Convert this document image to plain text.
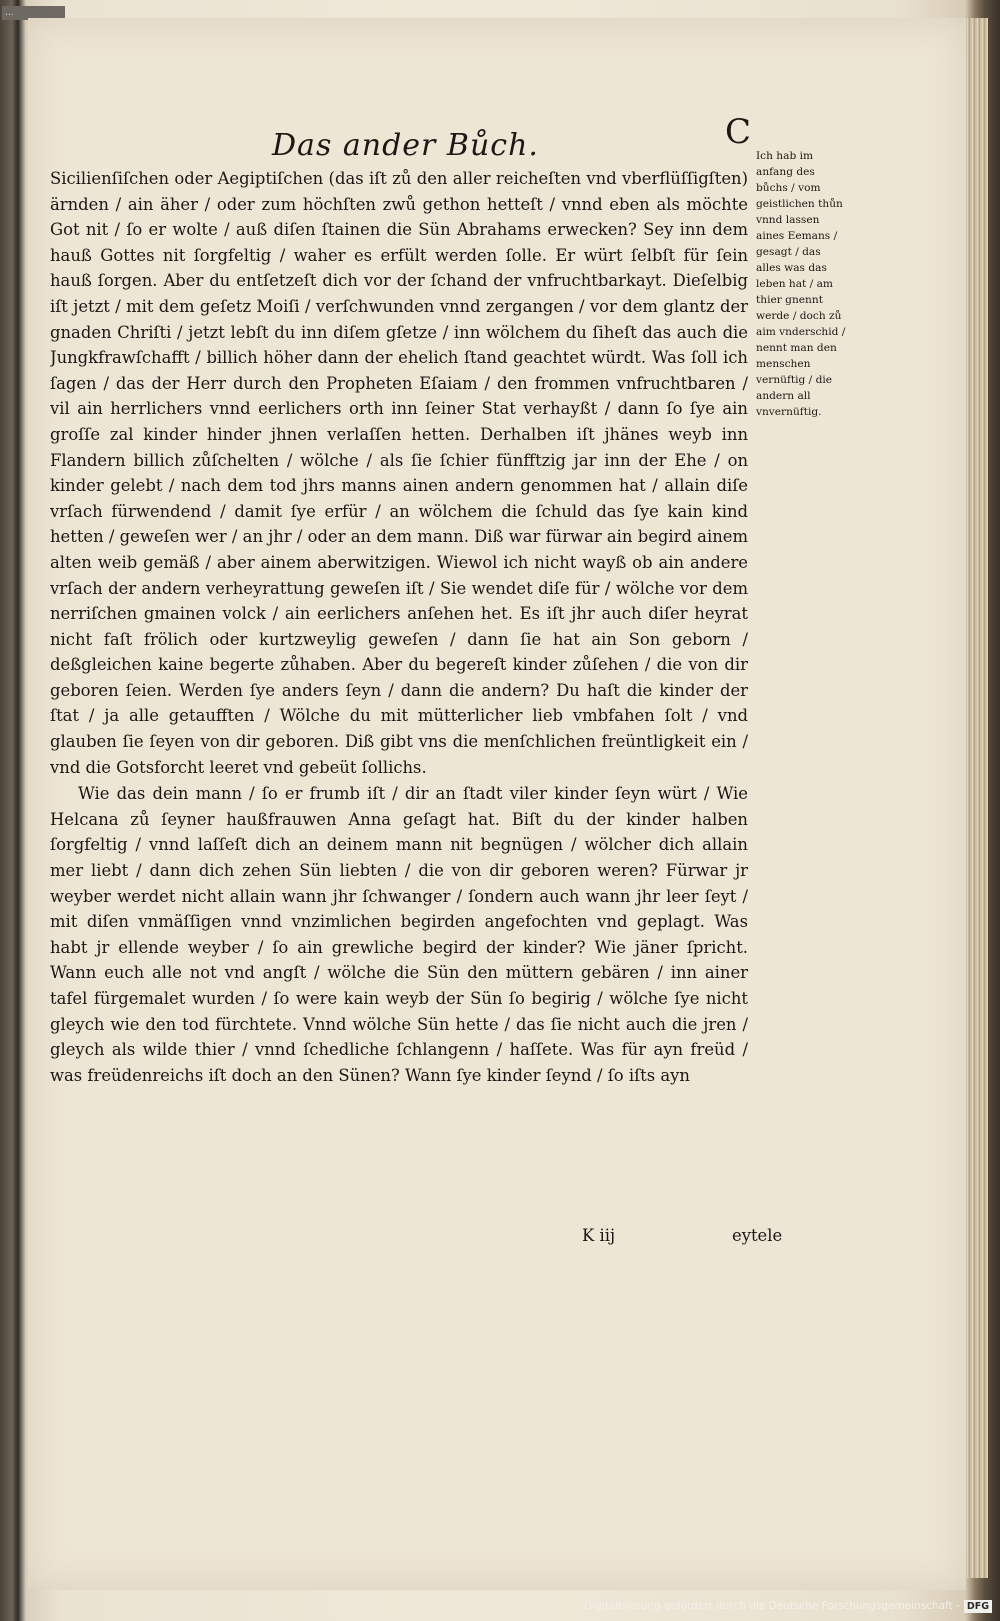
...
Das ander Bůch.	C

Sicilienſiſchen oder Aegiptiſchen (das iſt zů den aller reicheſten vnd vberflüſſigſten) ärnden / ain äher / oder zum höchſten zwů gethon hetteſt / vnnd eben als möchte Got nit / ſo er wolte / auß diſen ſtainen die Sün Abrahams erwecken? Sey inn dem hauß Gottes nit ſorgfeltig / waher es erfült werden ſolle. Er würt ſelbſt für ſein hauß ſorgen. Aber du entſetzeſt dich vor der ſchand der vnfruchtbarkayt. Dieſelbig iſt jetzt / mit dem geſetz Moiſi / verſchwunden vnnd zergangen / vor dem glantz der gnaden Chriſti / jetzt lebſt du inn diſem gſetze / inn wölchem du ſiheſt das auch die Jungkfrawſchafft / billich höher dann der ehelich ſtand geachtet würdt. Was ſoll ich ſagen / das der Herr durch den Propheten Eſaiam / den frommen vnfruchtbaren / vil ain herrlichers vnnd eerlichers orth inn ſeiner Stat verhayßt / dann ſo ſye ain groſſe zal kinder hinder jhnen verlaſſen hetten. Derhalben iſt jhänes weyb inn Flandern billich zůſchelten / wölche / als ſie ſchier fünfftzig jar inn der Ehe / on kinder gelebt / nach dem tod jhrs manns ainen andern genommen hat / allain diſe vrſach fürwendend / damit ſye erfür / an wölchem die ſchuld das ſye kain kind hetten / geweſen wer / an jhr / oder an dem mann. Diß war fürwar ain begird ainem alten weib gemäß / aber ainem aberwitzigen. Wiewol ich nicht wayß ob ain andere vrſach der andern verheyrattung geweſen iſt / Sie wendet diſe für / wölche vor dem nerriſchen gmainen volck / ain eerlichers anſehen het. Es iſt jhr auch diſer heyrat nicht faſt frölich oder kurtzweylig geweſen / dann ſie hat ain Son geborn / deßgleichen kaine begerte zůhaben. Aber du begereſt kinder zůſehen / die von dir geboren ſeien. Werden ſye anders ſeyn / dann die andern? Du haſt die kinder der ſtat / ja alle getaufften / Wölche du mit mütterlicher lieb vmbfahen ſolt / vnd glauben ſie ſeyen von dir geboren. Diß gibt vns die menſchlichen freüntligkeit ein / vnd die Gotsforcht leeret vnd gebeüt ſollichs.

Wie das dein mann / ſo er frumb iſt / dir an ſtadt viler kinder ſeyn würt / Wie Helcana zů ſeyner haußfrauwen Anna geſagt hat. Biſt du der kinder halben ſorgfeltig / vnnd laſſeſt dich an deinem mann nit begnügen / wölcher dich allain mer liebt / dann dich zehen Sün liebten / die von dir geboren weren? Fürwar jr weyber werdet nicht allain wann jhr ſchwanger / ſondern auch wann jhr leer ſeyt / mit diſen vnmäſſigen vnnd vnzimlichen begirden angefochten vnd geplagt. Was habt jr ellende weyber / ſo ain grewliche begird der kinder? Wie jäner ſpricht. Wann euch alle not vnd angſt / wölche die Sün den müttern gebären / inn ainer tafel fürgemalet wurden / ſo were kain weyb der Sün ſo begirig / wölche ſye nicht gleych wie den tod fürchtete. Vnnd wölche Sün hette / das ſie nicht auch die jren / gleych als wilde thier / vnnd ſchedliche ſchlangenn / haſſete. Was für ayn freüd / was freüdenreichs iſt doch an den Sünen? Wann ſye kinder ſeynd / ſo iſts ayn

K iij	eytele
Ich hab im anfang des bůchs / vom geistlichen thůn vnnd lassen aines Eemans / gesagt / das alles was das leben hat / am thier gnennt werde / doch zů aim vnderschid / nennt man den menschen vernüftig / die andern all vnvernüftig.
Digitalisierung gefördert durch die Deutsche Forschungsgemeinschaft - DFG
